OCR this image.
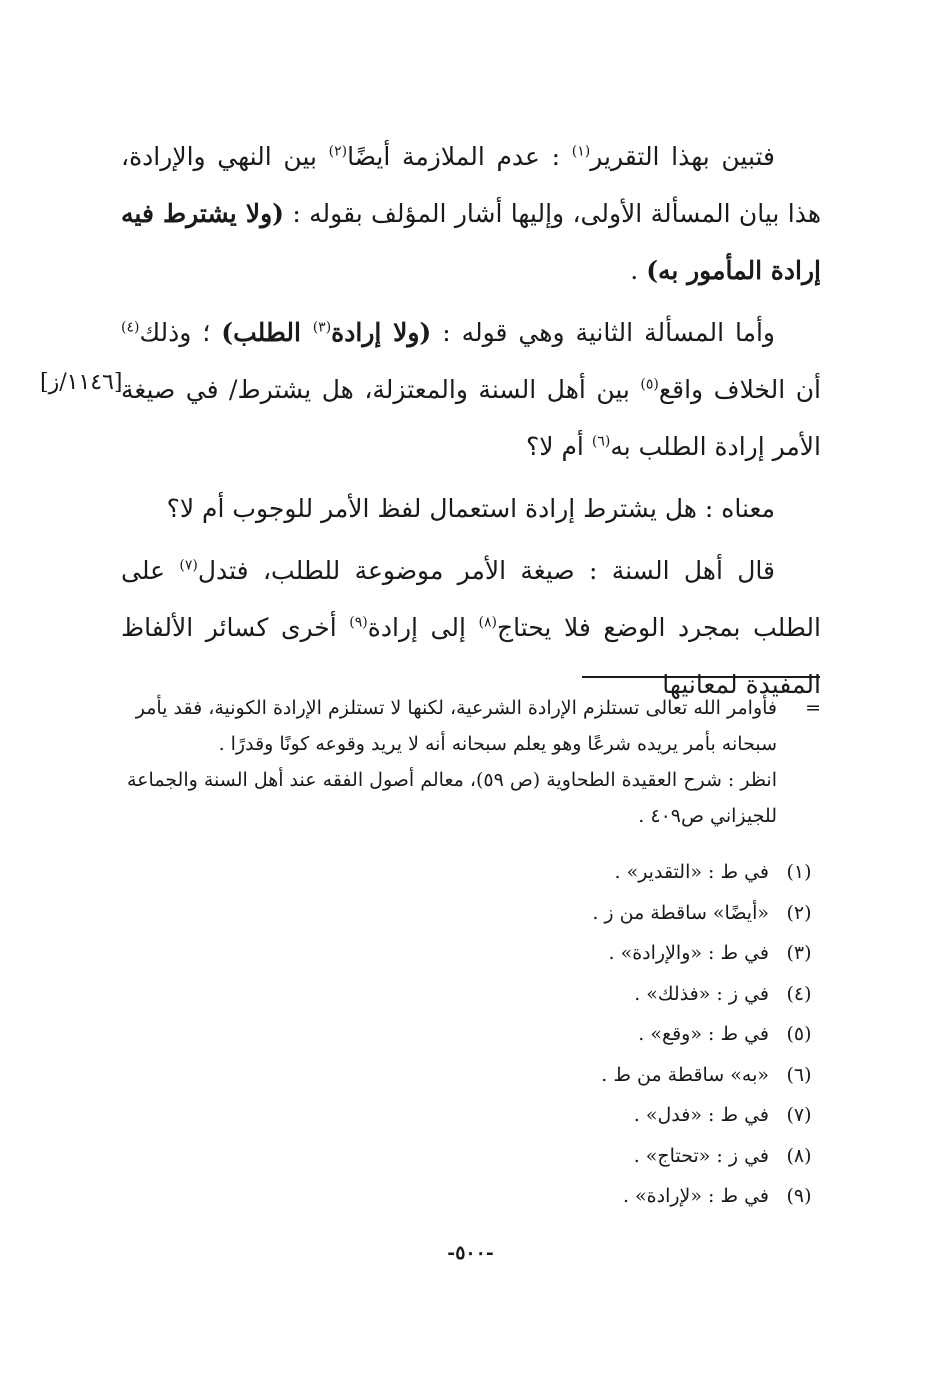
فتبين بهذا التقرير$^{(١)}$ : عدم الملازمة أيضًا$^{(٢)}$ بين النهي والإرادة، هذا بيان المسألة الأولى، وإليها أشار المؤلف بقوله : (ولا يشترط فيه إرادة المأمور به) .

وأما المسألة الثانية وهي قوله : (ولا إرادة$^{(٣)}$ الطلب) ؛ وذلك$^{(٤)}$ أن الخلاف واقع$^{(٥)}$ بين أهل السنة والمعتزلة، هل يشترط/ في صيغة الأمر إرادة الطلب به$^{(٦)}$ أم لا؟

معناه : هل يشترط إرادة استعمال لفظ الأمر للوجوب أم لا؟

قال أهل السنة : صيغة الأمر موضوعة للطلب، فتدل$^{(٧)}$ على الطلب بمجرد الوضع فلا يحتاج$^{(٨)}$ إلى إرادة$^{(٩)}$ أخرى كسائر الألفاظ المفيدة لمعانيها

[١١٤٦/ز]
=
فأوامر الله تعالى تستلزم الإرادة الشرعية، لكنها لا تستلزم الإرادة الكونية، فقد يأمر سبحانه بأمر يريده شرعًا وهو يعلم سبحانه أنه لا يريد وقوعه كونًا وقدرًا .
انظر : شرح العقيدة الطحاوية (ص ٥٩)، معالم أصول الفقه عند أهل السنة والجماعة للجيزاني ص٤٠٩ .
(١)في ط : «التقدير» .
(٢)«أيضًا» ساقطة من ز .
(٣)في ط : «والإرادة» .
(٤)في ز : «فذلك» .
(٥)في ط : «وقع» .
(٦)«به» ساقطة من ط .
(٧)في ط : «فدل» .
(٨)في ز : «تحتاج» .
(٩)في ط : «لإرادة» .
-٥٠٠-
